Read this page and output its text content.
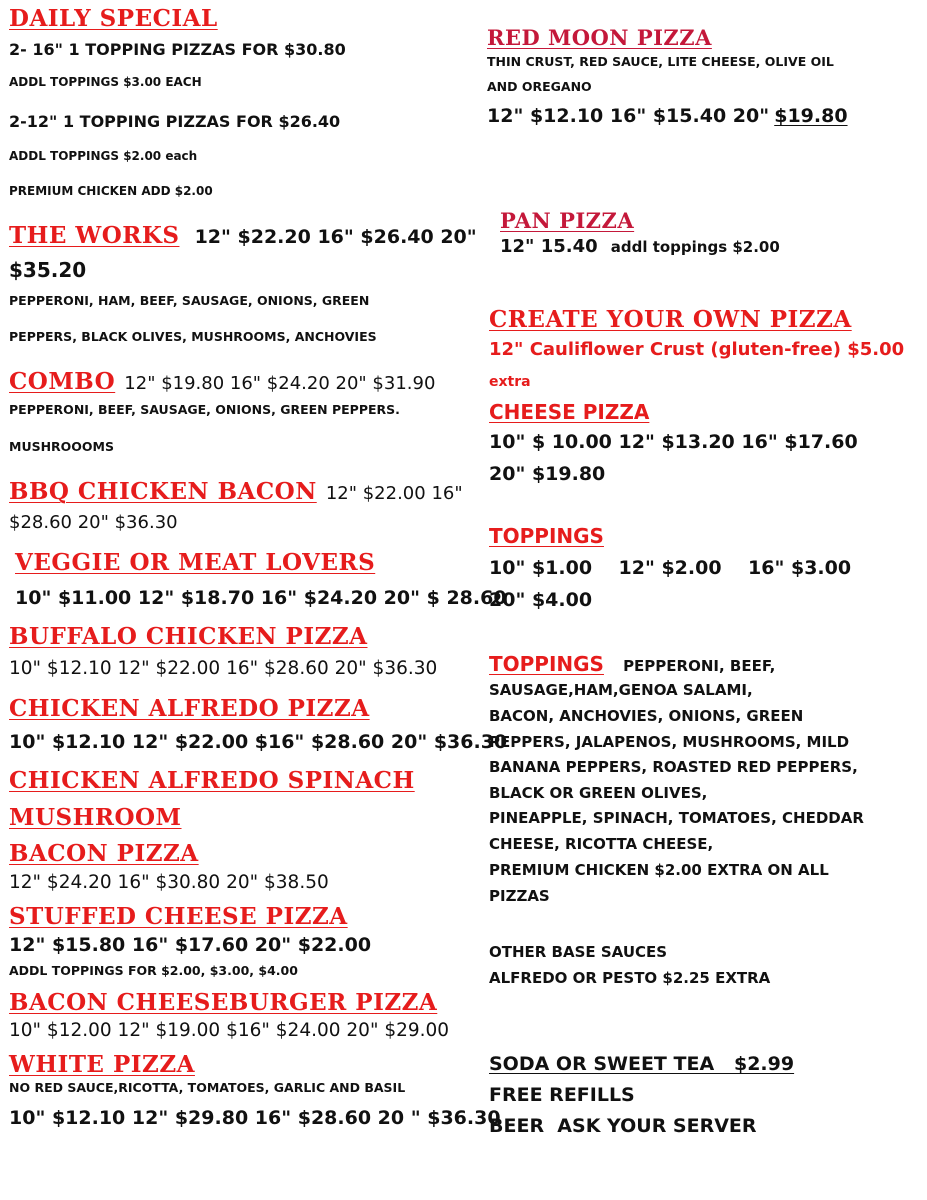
DAILY SPECIAL
2- 16" 1 TOPPING PIZZAS FOR $30.80
ADDL TOPPINGS $3.00 EACH
2-12" 1 TOPPING PIZZAS FOR $26.40
ADDL TOPPINGS $2.00 each
PREMIUM CHICKEN ADD $2.00
THE WORKS 12" $22.20 16" $26.40 20"
$35.20
PEPPERONI, HAM, BEEF, SAUSAGE, ONIONS, GREEN
PEPPERS, BLACK OLIVES, MUSHROOMS, ANCHOVIES
COMBO 12" $19.80 16" $24.20 20" $31.90
PEPPERONI, BEEF, SAUSAGE, ONIONS, GREEN PEPPERS.
MUSHROOOMS
BBQ CHICKEN BACON 12" $22.00 16"
$28.60 20" $36.30
VEGGIE OR MEAT LOVERS
10" $11.00 12" $18.70 16" $24.20 20" $ 28.60
BUFFALO CHICKEN PIZZA
10" $12.10 12" $22.00 16" $28.60 20" $36.30
CHICKEN ALFREDO PIZZA
10" $12.10 12" $22.00 $16" $28.60 20" $36.30
CHICKEN ALFREDO SPINACH
MUSHROOM
BACON PIZZA
12" $24.20 16" $30.80 20" $38.50
STUFFED CHEESE PIZZA
12" $15.80 16" $17.60 20" $22.00
ADDL TOPPINGS FOR $2.00, $3.00, $4.00
BACON CHEESEBURGER PIZZA
10" $12.00 12" $19.00 $16" $24.00 20" $29.00
WHITE PIZZA
NO RED SAUCE,RICOTTA, TOMATOES, GARLIC AND BASIL
10" $12.10 12" $29.80 16" $28.60 20 " $36.30
RED MOON PIZZA
THIN CRUST, RED SAUCE, LITE CHEESE, OLIVE OIL
AND OREGANO
12" $12.10 16" $15.40 20" $19.80
PAN PIZZA
12" 15.40 addl toppings $2.00
CREATE YOUR OWN PIZZA
12" Cauliflower Crust (gluten-free) $5.00
extra
CHEESE PIZZA
10" $ 10.00 12" $13.20 16" $17.60
20" $19.80
TOPPINGS
10" $1.00    12" $2.00    16" $3.00
20" $4.00
TOPPINGS PEPPERONI, BEEF,
SAUSAGE,HAM,GENOA SALAMI,
BACON, ANCHOVIES, ONIONS, GREEN
PEPPERS, JALAPENOS, MUSHROOMS, MILD
BANANA PEPPERS, ROASTED RED PEPPERS,
BLACK OR GREEN OLIVES,
PINEAPPLE, SPINACH, TOMATOES, CHEDDAR
CHEESE, RICOTTA CHEESE,
PREMIUM CHICKEN $2.00 EXTRA ON ALL
PIZZAS
OTHER BASE SAUCES
ALFREDO OR PESTO $2.25 EXTRA
SODA OR SWEET TEA   $2.99
FREE REFILLS
BEER  ASK YOUR SERVER
